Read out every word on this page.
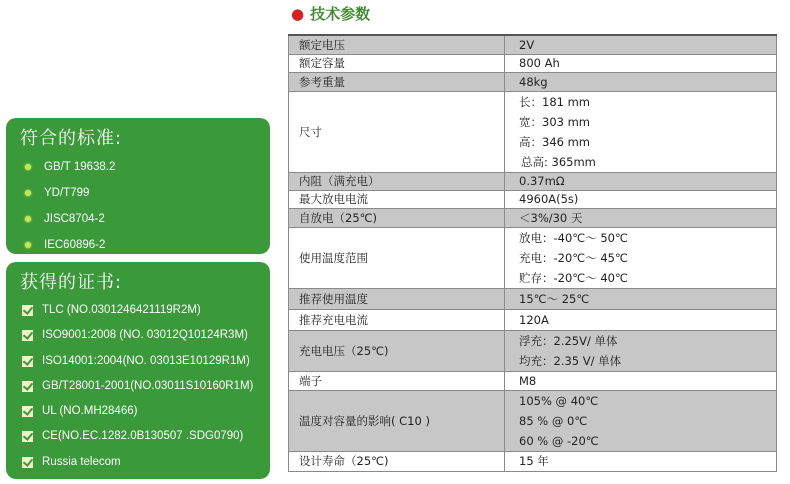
符合的标准:
GB/T 19638.2
YD/T799
JISC8704-2
IEC60896-2
获得的证书:
TLC (NO.0301246421119R2M)
ISO9001:2008 (NO. 03012Q10124R3M)
ISO14001:2004(NO. 03013E10129R1M)
GB/T28001-2001(NO.03011S10160R1M)
UL (NO.MH28466)
CE(NO.EC.1282.0B130507 .SDG0790)
Russia telecom
● 技术参数
额定电压	2V
额定容量	800 Ah
参考重量	48kg
尺寸	长：181 mm
宽：303 mm
高：346 mm
总高: 365mm

内阻（满充电）	0.37mΩ
最大放电电流	4960A(5s)
自放电（25℃)	＜3%/30 天
使用温度范围	放电：-40℃～ 50℃
充电：-20℃～ 45℃
贮存：-20℃～ 40℃

推荐使用温度	15℃～ 25℃
推荐充电电流	120A
充电电压（25℃)	浮充：2.25V/ 单体
均充：2.35 V/ 单体

端子	M8
温度对容量的影响( C10 )	105% @ 40℃
85 % @ 0℃
60 % @ -20℃

设计寿命（25℃)	15 年
